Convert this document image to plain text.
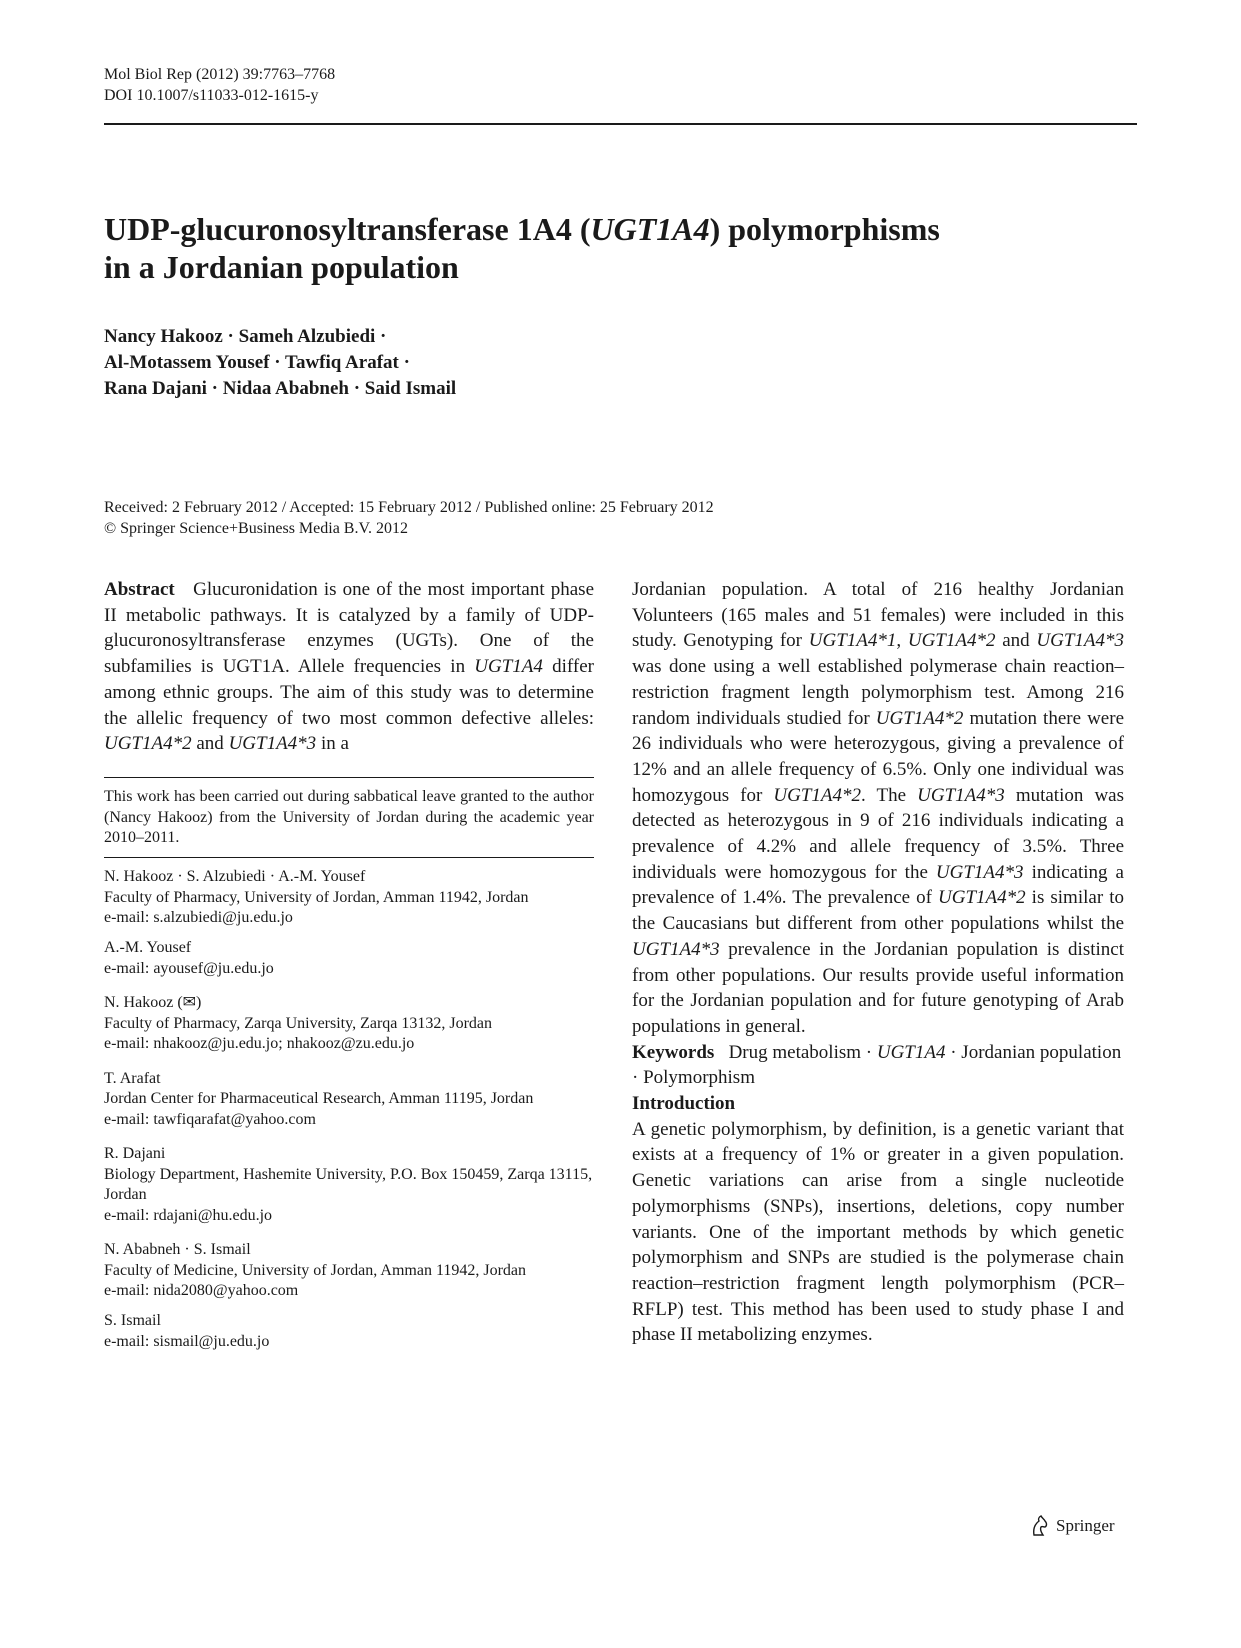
Mol Biol Rep (2012) 39:7763–7768
DOI 10.1007/s11033-012-1615-y
UDP-glucuronosyltransferase 1A4 (UGT1A4) polymorphisms
in a Jordanian population
Nancy Hakooz · Sameh Alzubiedi ·
Al-Motassem Yousef · Tawfiq Arafat ·
Rana Dajani · Nidaa Ababneh · Said Ismail
Received: 2 February 2012 / Accepted: 15 February 2012 / Published online: 25 February 2012
© Springer Science+Business Media B.V. 2012

Abstract Glucuronidation is one of the most important phase II metabolic pathways. It is catalyzed by a family of UDP-glucuronosyltransferase enzymes (UGTs). One of the subfamilies is UGT1A. Allele frequencies in UGT1A4 differ among ethnic groups. The aim of this study was to determine the allelic frequency of two most common defective alleles: UGT1A4*2 and UGT1A4*3 in a

This work has been carried out during sabbatical leave granted to the author (Nancy Hakooz) from the University of Jordan during the academic year 2010–2011.
N. Hakooz · S. Alzubiedi · A.-M. Yousef
Faculty of Pharmacy, University of Jordan, Amman 11942, Jordan
e-mail: s.alzubiedi@ju.edu.jo
A.-M. Yousef
e-mail: ayousef@ju.edu.jo
N. Hakooz (✉)
Faculty of Pharmacy, Zarqa University, Zarqa 13132, Jordan
e-mail: nhakooz@ju.edu.jo; nhakooz@zu.edu.jo
T. Arafat
Jordan Center for Pharmaceutical Research, Amman 11195, Jordan
e-mail: tawfiqarafat@yahoo.com
R. Dajani
Biology Department, Hashemite University, P.O. Box 150459, Zarqa 13115, Jordan
e-mail: rdajani@hu.edu.jo
N. Ababneh · S. Ismail
Faculty of Medicine, University of Jordan, Amman 11942, Jordan
e-mail: nida2080@yahoo.com
S. Ismail
e-mail: sismail@ju.edu.jo

Jordanian population. A total of 216 healthy Jordanian Volunteers (165 males and 51 females) were included in this study. Genotyping for UGT1A4*1, UGT1A4*2 and UGT1A4*3 was done using a well established polymerase chain reaction–restriction fragment length polymorphism test. Among 216 random individuals studied for UGT1A4*2 mutation there were 26 individuals who were heterozygous, giving a prevalence of 12% and an allele frequency of 6.5%. Only one individual was homozygous for UGT1A4*2. The UGT1A4*3 mutation was detected as heterozygous in 9 of 216 individuals indicating a prevalence of 4.2% and allele frequency of 3.5%. Three individuals were homozygous for the UGT1A4*3 indicating a prevalence of 1.4%. The prevalence of UGT1A4*2 is similar to the Caucasians but different from other populations whilst the UGT1A4*3 prevalence in the Jordanian population is distinct from other populations. Our results provide useful information for the Jordanian population and for future genotyping of Arab populations in general.

Keywords Drug metabolism · UGT1A4 · Jordanian population · Polymorphism

Introduction

A genetic polymorphism, by definition, is a genetic variant that exists at a frequency of 1% or greater in a given population. Genetic variations can arise from a single nucleotide polymorphisms (SNPs), insertions, deletions, copy number variants. One of the important methods by which genetic polymorphism and SNPs are studied is the polymerase chain reaction–restriction fragment length polymorphism (PCR–RFLP) test. This method has been used to study phase I and phase II metabolizing enzymes.

Springer
